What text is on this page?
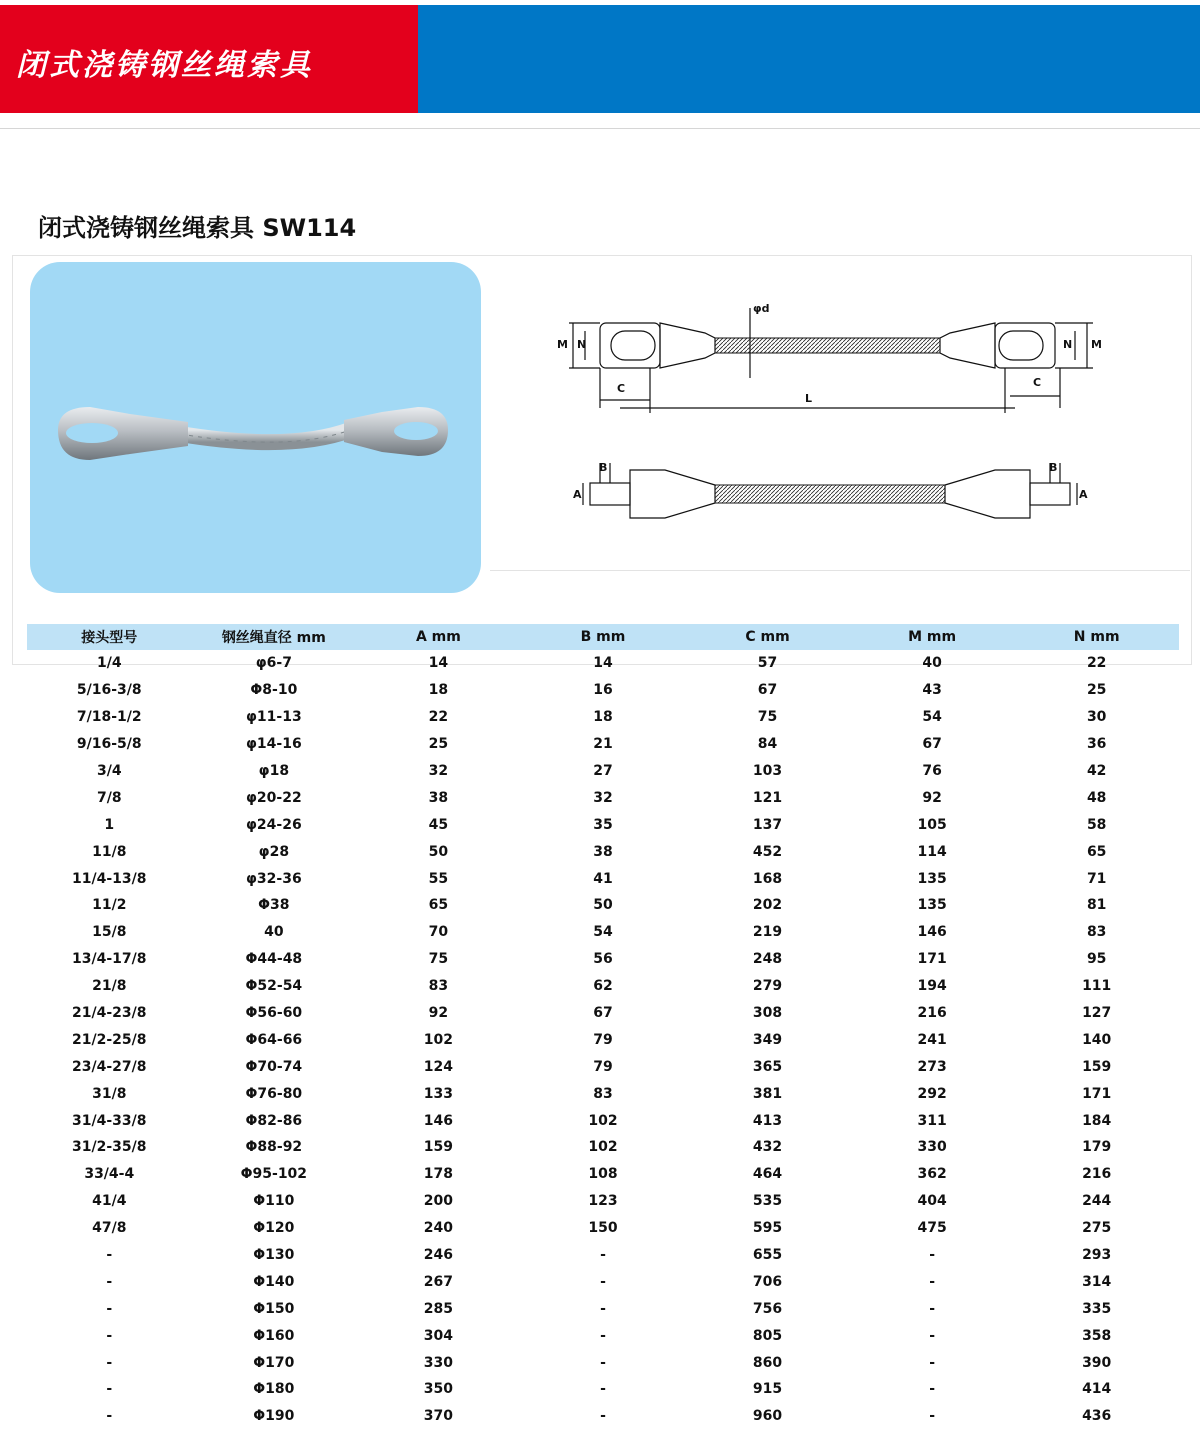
闭式浇铸钢丝绳索具
闭式浇铸钢丝绳索具 SW114
φd
M N	N M
C	C
L
B	B
A	A
接头型号	钢丝绳直径 mm	A mm	B mm	C mm	M mm	N mm
1/4	φ6-7	14	14	57	40	22
5/16-3/8	Φ8-10	18	16	67	43	25
7/18-1/2	φ11-13	22	18	75	54	30
9/16-5/8	φ14-16	25	21	84	67	36
3/4	φ18	32	27	103	76	42
7/8	φ20-22	38	32	121	92	48
1	φ24-26	45	35	137	105	58
11/8	φ28	50	38	452	114	65
11/4-13/8	φ32-36	55	41	168	135	71
11/2	Φ38	65	50	202	135	81
15/8	40	70	54	219	146	83
13/4-17/8	Φ44-48	75	56	248	171	95
21/8	Φ52-54	83	62	279	194	111
21/4-23/8	Φ56-60	92	67	308	216	127
21/2-25/8	Φ64-66	102	79	349	241	140
23/4-27/8	Φ70-74	124	79	365	273	159
31/8	Φ76-80	133	83	381	292	171
31/4-33/8	Φ82-86	146	102	413	311	184
31/2-35/8	Φ88-92	159	102	432	330	179
33/4-4	Φ95-102	178	108	464	362	216
41/4	Φ110	200	123	535	404	244
47/8	Φ120	240	150	595	475	275
-	Φ130	246	-	655	-	293
-	Φ140	267	-	706	-	314
-	Φ150	285	-	756	-	335
-	Φ160	304	-	805	-	358
-	Φ170	330	-	860	-	390
-	Φ180	350	-	915	-	414
-	Φ190	370	-	960	-	436
